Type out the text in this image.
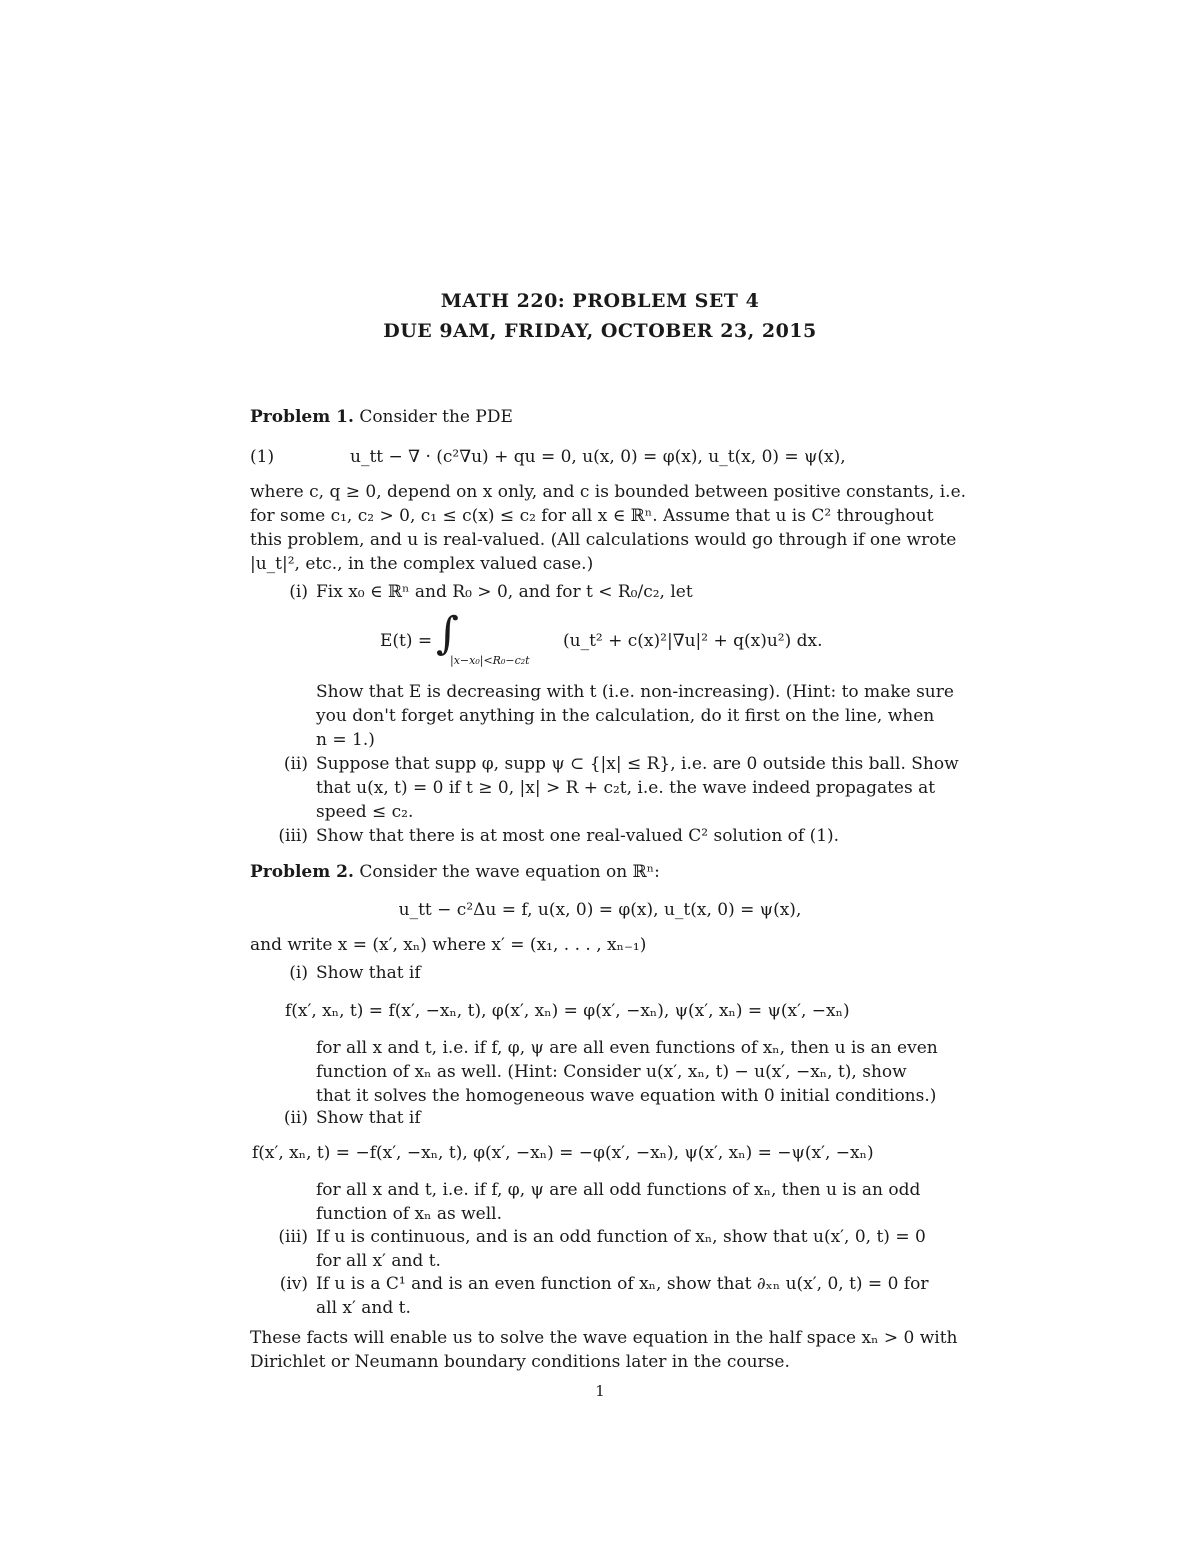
MATH 220: PROBLEM SET 4
DUE 9AM, FRIDAY, OCTOBER 23, 2015
Problem 1. Consider the PDE
(1)	u_tt − ∇ · (c²∇u) + qu = 0, u(x, 0) = φ(x), u_t(x, 0) = ψ(x),
where c, q ≥ 0, depend on x only, and c is bounded between positive constants, i.e.
for some c₁, c₂ > 0, c₁ ≤ c(x) ≤ c₂ for all x ∈ ℝⁿ. Assume that u is C² throughout
this problem, and u is real-valued. (All calculations would go through if one wrote
|u_t|², etc., in the complex valued case.)
(i) Fix x₀ ∈ ℝⁿ and R₀ > 0, and for t < R₀/c₂, let
E(t) = ∫
|x−x₀|<R₀−c₂t
(u_t² + c(x)²|∇u|² + q(x)u²) dx.
Show that E is decreasing with t (i.e. non-increasing). (Hint: to make sure
you don't forget anything in the calculation, do it first on the line, when
n = 1.)
(ii) Suppose that supp φ, supp ψ ⊂ {|x| ≤ R}, i.e. are 0 outside this ball. Show
that u(x, t) = 0 if t ≥ 0, |x| > R + c₂t, i.e. the wave indeed propagates at
speed ≤ c₂.
(iii) Show that there is at most one real-valued C² solution of (1).
Problem 2. Consider the wave equation on ℝⁿ:
u_tt − c²Δu = f, u(x, 0) = φ(x), u_t(x, 0) = ψ(x),
and write x = (x′, xₙ) where x′ = (x₁, . . . , xₙ₋₁)
(i) Show that if
f(x′, xₙ, t) = f(x′, −xₙ, t), φ(x′, xₙ) = φ(x′, −xₙ), ψ(x′, xₙ) = ψ(x′, −xₙ)
for all x and t, i.e. if f, φ, ψ are all even functions of xₙ, then u is an even
function of xₙ as well. (Hint: Consider u(x′, xₙ, t) − u(x′, −xₙ, t), show
that it solves the homogeneous wave equation with 0 initial conditions.)
(ii) Show that if
f(x′, xₙ, t) = −f(x′, −xₙ, t), φ(x′, −xₙ) = −φ(x′, −xₙ), ψ(x′, xₙ) = −ψ(x′, −xₙ)
for all x and t, i.e. if f, φ, ψ are all odd functions of xₙ, then u is an odd
function of xₙ as well.
(iii) If u is continuous, and is an odd function of xₙ, show that u(x′, 0, t) = 0
for all x′ and t.
(iv) If u is a C¹ and is an even function of xₙ, show that ∂ₓₙ u(x′, 0, t) = 0 for
all x′ and t.
These facts will enable us to solve the wave equation in the half space xₙ > 0 with
Dirichlet or Neumann boundary conditions later in the course.
1
